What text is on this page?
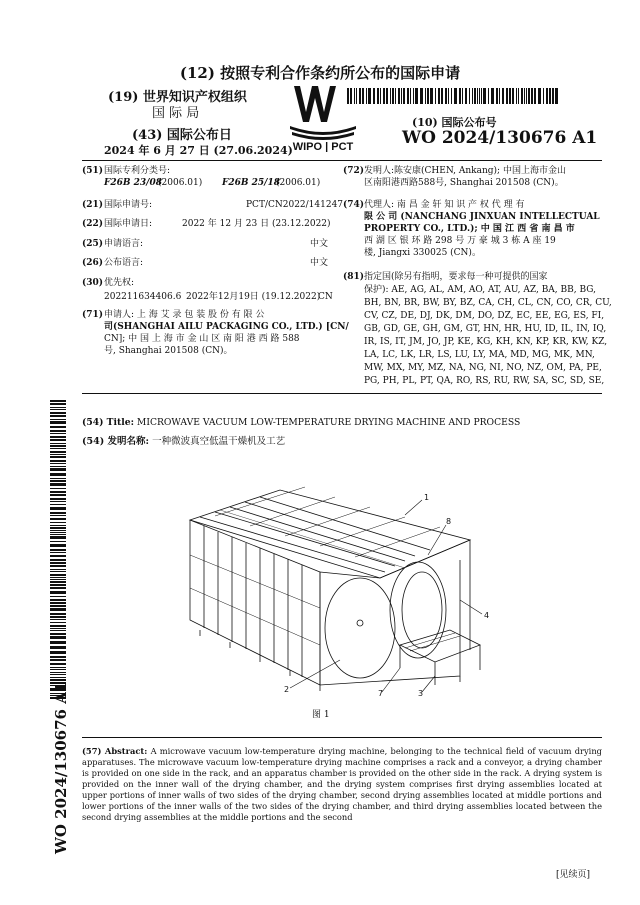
(12) 按照专利合作条约所公布的国际申请
(19) 世界知识产权组织
国 际 局
(43) 国际公布日
2024 年 6 月 27 日 (27.06.2024) WIPO | PCT
(10) 国际公布号
WO 2024/130676 A1
(51) 国际专利分类号:
F26B 23/08
(2006.01) F26B 25/18
(2006.01)
(21) 国际申请号:	PCT/CN2022/141247
(22) 国际申请日:	2022 年 12 月 23 日 (23.12.2022)
(25) 申请语言:	中文
(26) 公布语言:	中文
(30) 优先权:
202211634406.6 2022年12月19日 (19.12.2022)
CN
(71) 申请人: 上 海 艾 录 包 装 股 份 有 限 公
司(SHANGHAI AILU PACKAGING CO., LTD.) [CN/
CN]; 中 国 上 海 市 金 山 区 南 阳 港 西 路 588
号, Shanghai 201508 (CN)。
(72) 发明人:陈安康(CHEN, Ankang); 中国上海市金山
区南阳港西路588号, Shanghai 201508 (CN)。
(74) 代理人: 南 昌 金 轩 知 识 产 权 代 理 有
限 公 司 (NANCHANG JINXUAN INTELLECTUAL
PROPERTY CO., LTD.); 中 国 江 西 省 南 昌 市
西 湖 区 银 环 路 298 号 万 豪 城 3 栋 A 座 19
楼, Jiangxi 330025 (CN)。
(81) 指定国(除另有指明，要求每一种可提供的国家
保护): AE, AG, AL, AM, AO, AT, AU, AZ, BA, BB, BG,
BH, BN, BR, BW, BY, BZ, CA, CH, CL, CN, CO, CR, CU,
CV, CZ, DE, DJ, DK, DM, DO, DZ, EC, EE, EG, ES, FI,
GB, GD, GE, GH, GM, GT, HN, HR, HU, ID, IL, IN, IQ,
IR, IS, IT, JM, JO, JP, KE, KG, KH, KN, KP, KR, KW, KZ,
LA, LC, LK, LR, LS, LU, LY, MA, MD, MG, MK, MN,
MW, MX, MY, MZ, NA, NG, NI, NO, NZ, OM, PA, PE,
PG, PH, PL, PT, QA, RO, RS, RU, RW, SA, SC, SD, SE,
(54) Title: MICROWAVE VACUUM LOW-TEMPERATURE DRYING MACHINE AND PROCESS
(54) 发明名称: 一种微波真空低温干燥机及工艺
WO 2024/130676 A1
1
8
4
2	7	3
图 1
(57) Abstract: A microwave vacuum low-temperature drying machine, belonging to the technical field of vacuum drying apparatuses. The microwave vacuum low-temperature drying machine comprises a rack and a conveyor, a drying chamber is provided on one side in the rack, and an apparatus chamber is provided on the other side in the rack. A drying system is provided on the inner wall of the drying chamber, and the drying system comprises first drying assemblies located at upper portions of inner walls of two sides of the drying chamber, second drying assemblies located at middle portions and lower portions of the inner walls of the two sides of the drying chamber, and third drying assemblies located between the second drying assemblies at the middle portions and the second
[见续页]
